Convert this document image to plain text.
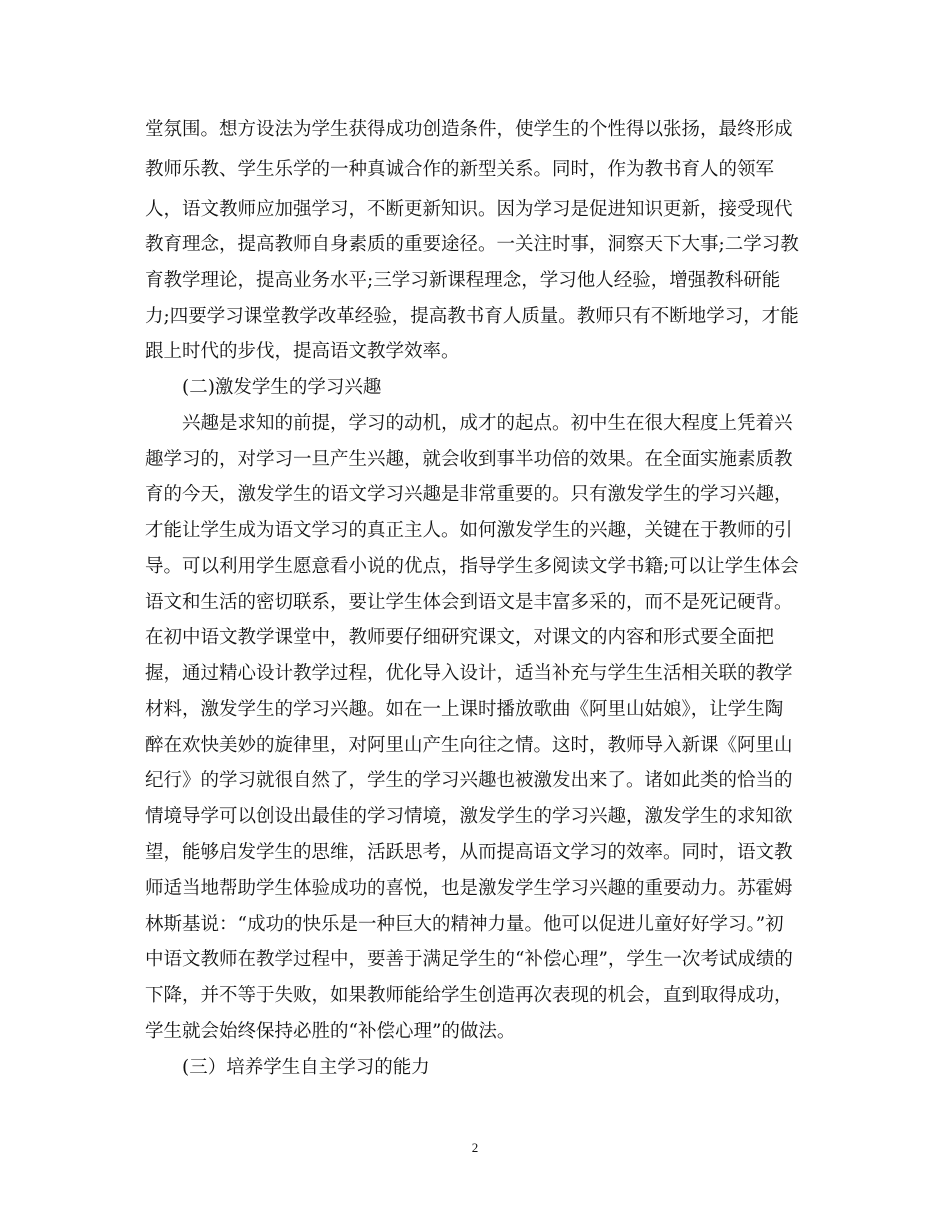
堂氛围。想方设法为学生获得成功创造条件，使学生的个性得以张扬，最终形成
教师乐教、学生乐学的一种真诚合作的新型关系。同时，作为教书育人的领军
人，语文教师应加强学习，不断更新知识。因为学习是促进知识更新，接受现代
教育理念，提高教师自身素质的重要途径。一关注时事，洞察天下大事;二学习教
育教学理论，提高业务水平;三学习新课程理念，学习他人经验，增强教科研能
力;四要学习课堂教学改革经验，提高教书育人质量。教师只有不断地学习，才能
跟上时代的步伐，提高语文教学效率。
(二)激发学生的学习兴趣
兴趣是求知的前提，学习的动机，成才的起点。初中生在很大程度上凭着兴
趣学习的，对学习一旦产生兴趣，就会收到事半功倍的效果。在全面实施素质教
育的今天，激发学生的语文学习兴趣是非常重要的。只有激发学生的学习兴趣，
才能让学生成为语文学习的真正主人。如何激发学生的兴趣，关键在于教师的引
导。可以利用学生愿意看小说的优点，指导学生多阅读文学书籍;可以让学生体会
语文和生活的密切联系，要让学生体会到语文是丰富多采的，而不是死记硬背。
在初中语文教学课堂中，教师要仔细研究课文，对课文的内容和形式要全面把
握，通过精心设计教学过程，优化导入设计，适当补充与学生生活相关联的教学
材料，激发学生的学习兴趣。如在一上课时播放歌曲《阿里山姑娘》，让学生陶
醉在欢快美妙的旋律里，对阿里山产生向往之情。这时，教师导入新课《阿里山
纪行》的学习就很自然了，学生的学习兴趣也被激发出来了。诸如此类的恰当的
情境导学可以创设出最佳的学习情境，激发学生的学习兴趣，激发学生的求知欲
望，能够启发学生的思维，活跃思考，从而提高语文学习的效率。同时，语文教
师适当地帮助学生体验成功的喜悦，也是激发学生学习兴趣的重要动力。苏霍姆
林斯基说：“成功的快乐是一种巨大的精神力量。他可以促进儿童好好学习。”初
中语文教师在教学过程中，要善于满足学生的“补偿心理”，学生一次考试成绩的
下降，并不等于失败，如果教师能给学生创造再次表现的机会，直到取得成功，
学生就会始终保持必胜的“补偿心理”的做法。
(三）培养学生自主学习的能力
2
